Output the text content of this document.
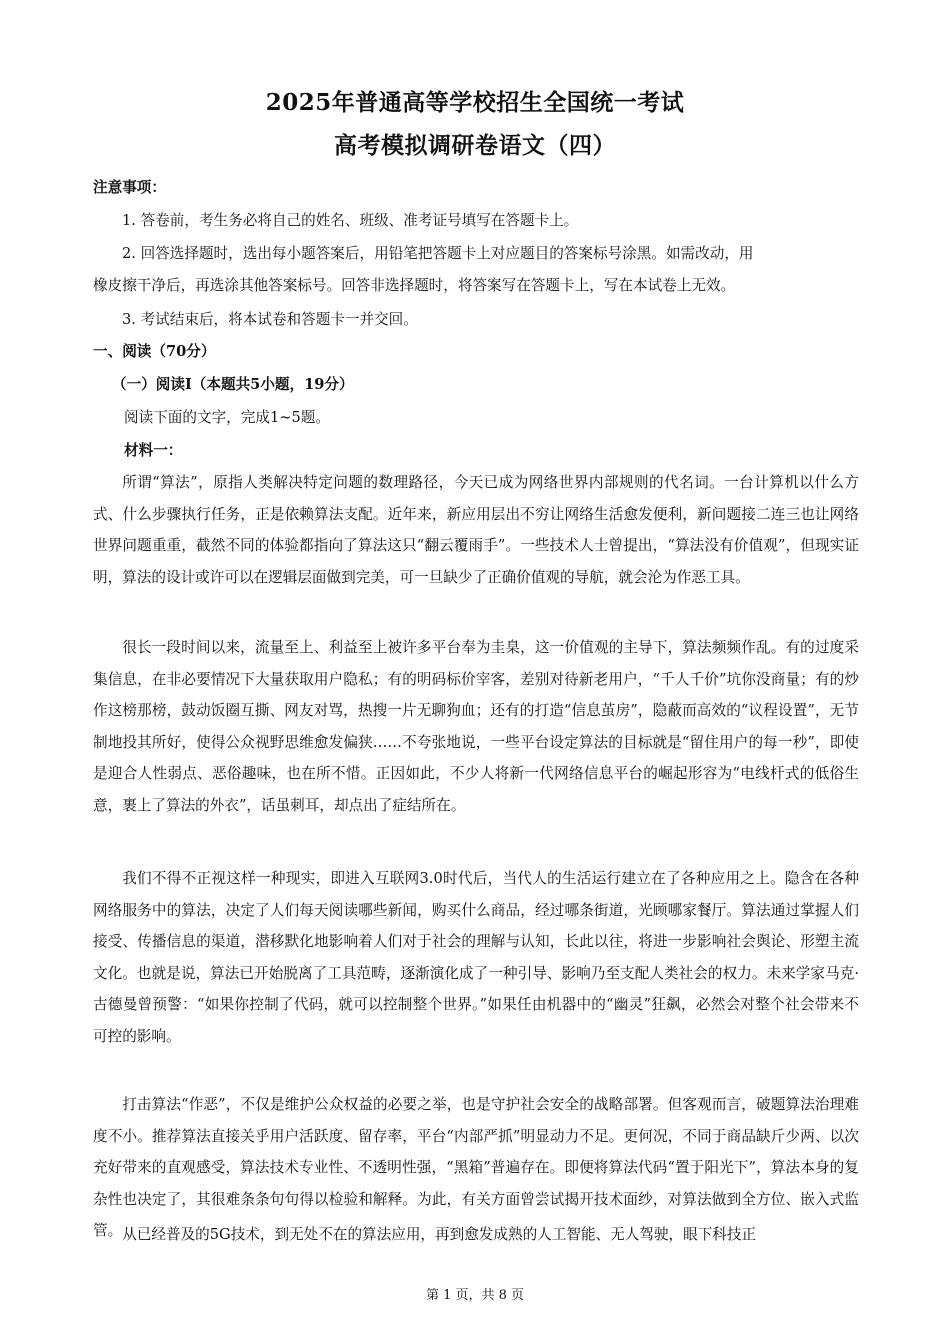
2025年普通高等学校招生全国统一考试
高考模拟调研卷语文（四）
注意事项：
1. 答卷前，考生务必将自己的姓名、班级、准考证号填写在答题卡上。
2. 回答选择题时，选出每小题答案后，用铅笔把答题卡上对应题目的答案标号涂黑。如需改动，用
橡皮擦干净后，再选涂其他答案标号。回答非选择题时，将答案写在答题卡上，写在本试卷上无效。
3. 考试结束后，将本试卷和答题卡一并交回。
一、阅读（70分）
（一）阅读Ⅰ（本题共5小题，19分）
阅读下面的文字，完成1~5题。
材料一：
所谓“算法”，原指人类解决特定问题的数理路径，今天已成为网络世界内部规则的代名词。一台计算机以什么方式、什么步骤执行任务，正是依赖算法支配。近年来，新应用层出不穷让网络生活愈发便利，新问题接二连三也让网络世界问题重重，截然不同的体验都指向了算法这只“翻云覆雨手”。一些技术人士曾提出，“算法没有价值观”，但现实证明，算法的设计或许可以在逻辑层面做到完美，可一旦缺少了正确价值观的导航，就会沦为作恶工具。
很长一段时间以来，流量至上、利益至上被许多平台奉为圭臬，这一价值观的主导下，算法频频作乱。有的过度采集信息，在非必要情况下大量获取用户隐私；有的明码标价宰客，差别对待新老用户，“千人千价”坑你没商量；有的炒作这榜那榜，鼓动饭圈互撕、网友对骂，热搜一片无聊狗血；还有的打造“信息茧房”，隐蔽而高效的“议程设置”，无节制地投其所好，使得公众视野思维愈发偏狭……不夸张地说，一些平台设定算法的目标就是“留住用户的每一秒”，即使是迎合人性弱点、恶俗趣味，也在所不惜。正因如此，不少人将新一代网络信息平台的崛起形容为“电线杆式的低俗生意，裹上了算法的外衣”，话虽刺耳，却点出了症结所在。
我们不得不正视这样一种现实，即进入互联网3.0时代后，当代人的生活运行建立在了各种应用之上。隐含在各种网络服务中的算法，决定了人们每天阅读哪些新闻，购买什么商品，经过哪条街道，光顾哪家餐厅。算法通过掌握人们接受、传播信息的渠道，潜移默化地影响着人们对于社会的理解与认知，长此以往，将进一步影响社会舆论、形塑主流文化。也就是说，算法已开始脱离了工具范畴，逐渐演化成了一种引导、影响乃至支配人类社会的权力。未来学家马克·古德曼曾预警：“如果你控制了代码，就可以控制整个世界。”如果任由机器中的“幽灵”狂飙，必然会对整个社会带来不可控的影响。
打击算法“作恶”，不仅是维护公众权益的必要之举，也是守护社会安全的战略部署。但客观而言，破题算法治理难度不小。推荐算法直接关乎用户活跃度、留存率，平台“内部严抓”明显动力不足。更何况，不同于商品缺斤少两、以次充好带来的直观感受，算法技术专业性、不透明性强，“黑箱”普遍存在。即便将算法代码“置于阳光下”，算法本身的复杂性也决定了，其很难条条句句得以检验和解释。为此，有关方面曾尝试揭开技术面纱，对算法做到全方位、嵌入式监管。 从已经普及的5G技术，到无处不在的算法应用，再到愈发成熟的人工智能、无人驾驶，眼下科技正
第 1 页，共 8 页
